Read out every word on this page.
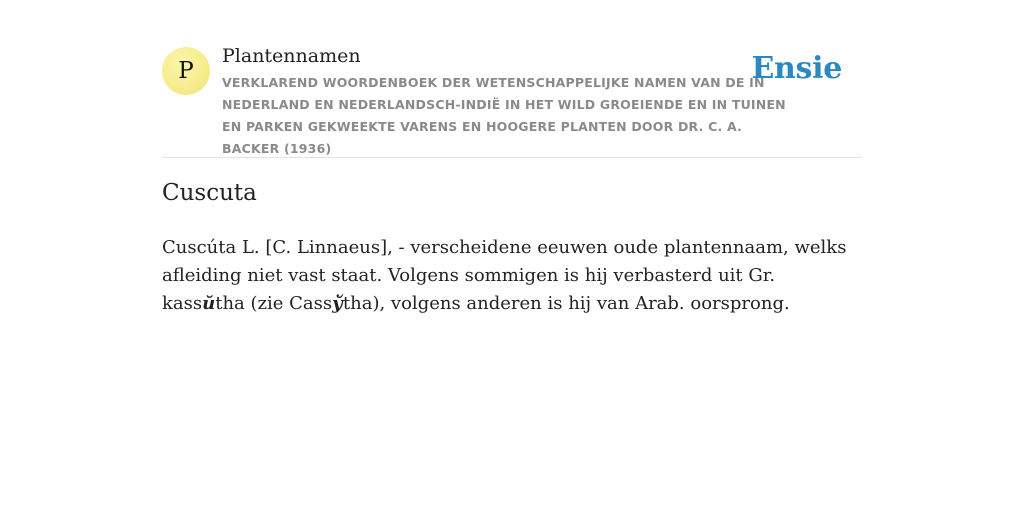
P
Plantennamen
VERKLAREND WOORDENBOEK DER WETENSCHAPPELIJKE NAMEN VAN DE IN NEDERLAND EN NEDERLANDSCH-INDIË IN HET WILD GROEIENDE EN IN TUINEN EN PARKEN GEKWEEKTE VARENS EN HOOGERE PLANTEN DOOR DR. C. A. BACKER (1936)
Ensie
Cuscuta

Cuscúta L. [C. Linnaeus], - verscheidene eeuwen oude plantennaam, welks afleiding niet vast staat. Volgens sommigen is hij verbasterd uit Gr. kassŭtha (zie Cassўtha), volgens anderen is hij van Arab. oorsprong.
